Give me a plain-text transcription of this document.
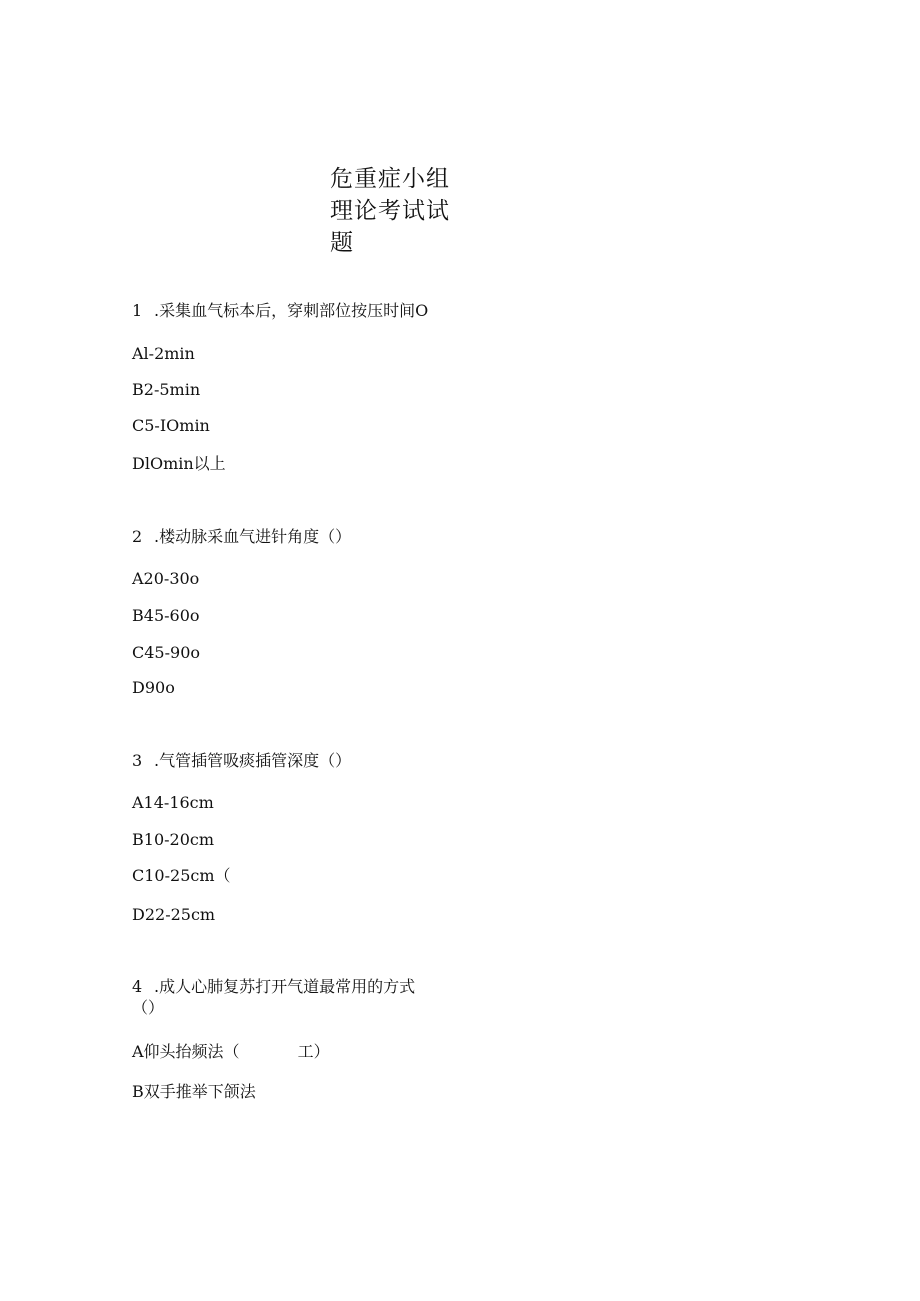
危重症小组
理论考试试
题
1 .采集血气标本后，穿刺部位按压时间O
Al-2min
B2-5min
C5-IOmin
DlOmin以上
2 .楼动脉采血气进针角度（）
A20-30o
B45-60o
C45-90o
D90o
3 .气管插管吸痰插管深度（）
A14-16cm
B10-20cm
C10-25cm（
D22-25cm
4 .成人心肺复苏打开气道最常用的方式
（）
A仰头抬频法（	工）
B双手推举下颌法
